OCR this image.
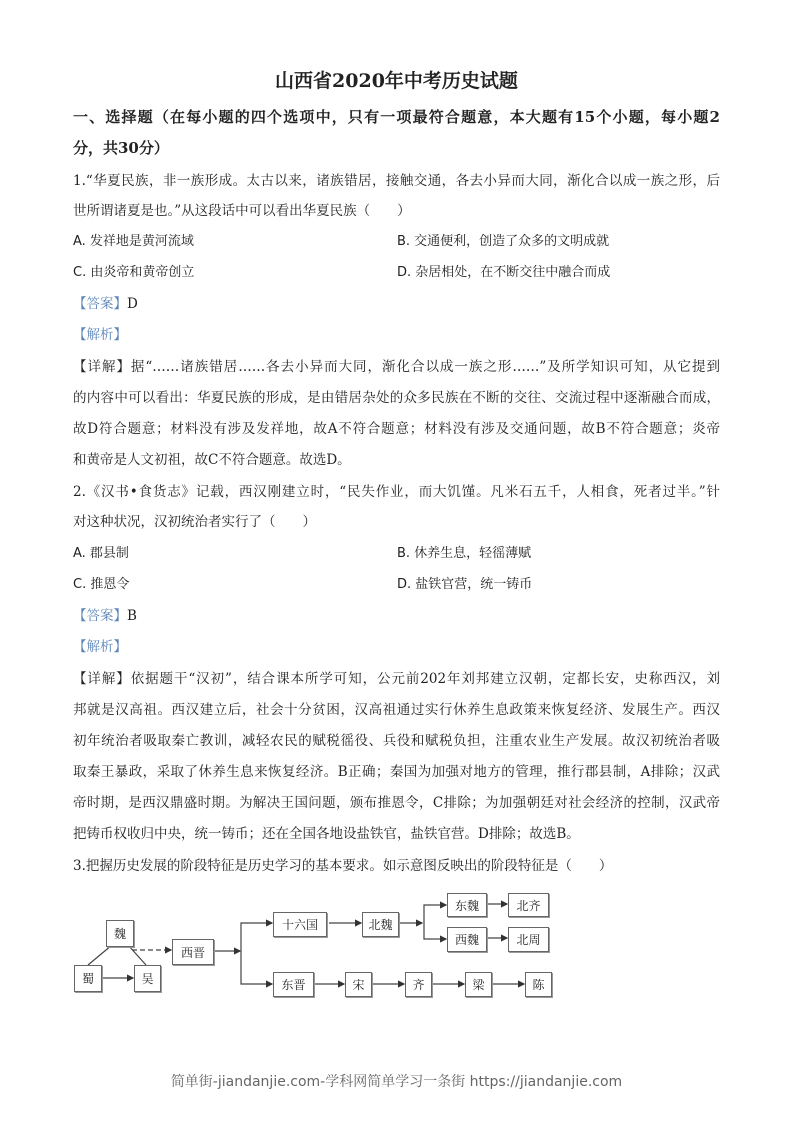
山西省2020年中考历史试题
一、选择题（在每小题的四个选项中，只有一项最符合题意，本大题有15个小题，每小题2
分，共30分）
1.“华夏民族，非一族形成。太古以来，诸族错居，接触交通，各去小异而大同，渐化合以成一族之形，后
世所谓诸夏是也。”从这段话中可以看出华夏民族（　　）
A. 发祥地是黄河流域	B. 交通便利，创造了众多的文明成就
C. 由炎帝和黄帝创立	D. 杂居相处，在不断交往中融合而成
【答案】D
【解析】
【详解】据“……诸族错居……各去小异而大同，渐化合以成一族之形……”及所学知识可知，从它提到
的内容中可以看出：华夏民族的形成，是由错居杂处的众多民族在不断的交往、交流过程中逐渐融合而成，
故D符合题意；材料没有涉及发祥地，故A不符合题意；材料没有涉及交通问题，故B不符合题意；炎帝
和黄帝是人文初祖，故C不符合题意。故选D。
2.《汉书•食货志》记载，西汉刚建立时，“民失作业，而大饥馑。凡米石五千，人相食，死者过半。”针
对这种状况，汉初统治者实行了（　　）
A. 郡县制	B. 休养生息，轻徭薄赋
C. 推恩令	D. 盐铁官营，统一铸币
【答案】B
【解析】
【详解】依据题干“汉初”，结合课本所学可知，公元前202年刘邦建立汉朝，定都长安，史称西汉，刘
邦就是汉高祖。西汉建立后，社会十分贫困，汉高祖通过实行休养生息政策来恢复经济、发展生产。西汉
初年统治者吸取秦亡教训，减轻农民的赋税徭役、兵役和赋税负担，注重农业生产发展。故汉初统治者吸
取秦王暴政，采取了休养生息来恢复经济。B正确；秦国为加强对地方的管理，推行郡县制，A排除；汉武
帝时期，是西汉鼎盛时期。为解决王国问题，颁布推恩令，C排除；为加强朝廷对社会经济的控制，汉武帝
把铸币权收归中央，统一铸币；还在全国各地设盐铁官，盐铁官营。D排除；故选B。
3.把握历史发展的阶段特征是历史学习的基本要求。如示意图反映出的阶段特征是（　　）
魏
蜀	吴
西晋
十六国	北魏
东魏	北齐
西魏	北周
东晋	宋	齐	梁	陈
简单街-jiandanjie.com-学科网简单学习一条街 https://jiandanjie.com
